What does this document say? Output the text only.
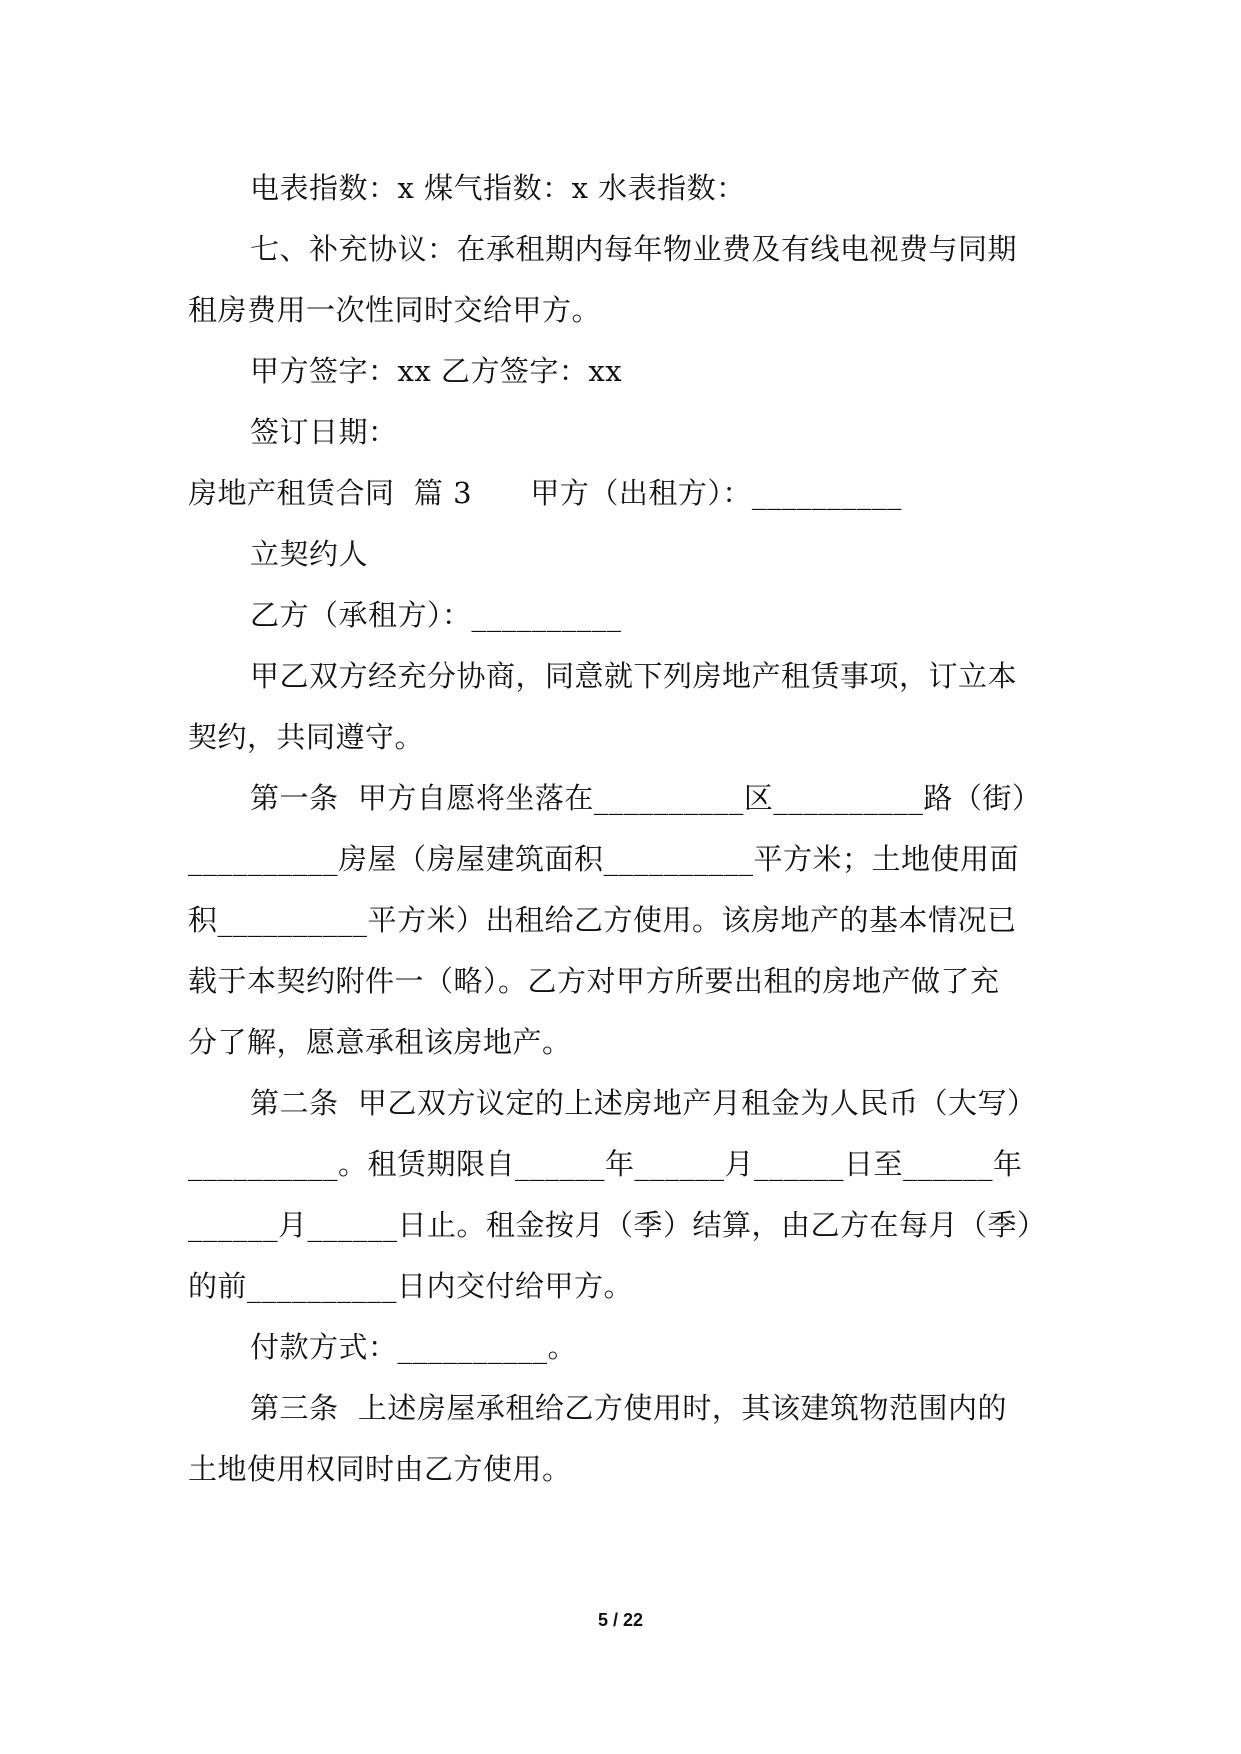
电表指数：x 煤气指数：x 水表指数：
七、补充协议：在承租期内每年物业费及有线电视费与同期
租房费用一次性同时交给甲方。
甲方签字：xx 乙方签字：xx
签订日期：
房地产租赁合同  篇 3      甲方（出租方）：__________
立契约人
乙方（承租方）：__________
甲乙双方经充分协商，同意就下列房地产租赁事项，订立本
契约，共同遵守。
第一条  甲方自愿将坐落在__________区__________路（街）
__________房屋（房屋建筑面积__________平方米；土地使用面
积__________平方米）出租给乙方使用。该房地产的基本情况已
载于本契约附件一（略）。乙方对甲方所要出租的房地产做了充
分了解，愿意承租该房地产。
第二条  甲乙双方议定的上述房地产月租金为人民币（大写）
__________。租赁期限自______年______月______日至______年
______月______日止。租金按月（季）结算，由乙方在每月（季）
的前__________日内交付给甲方。
付款方式：__________。
第三条  上述房屋承租给乙方使用时，其该建筑物范围内的
土地使用权同时由乙方使用。
5 / 22
